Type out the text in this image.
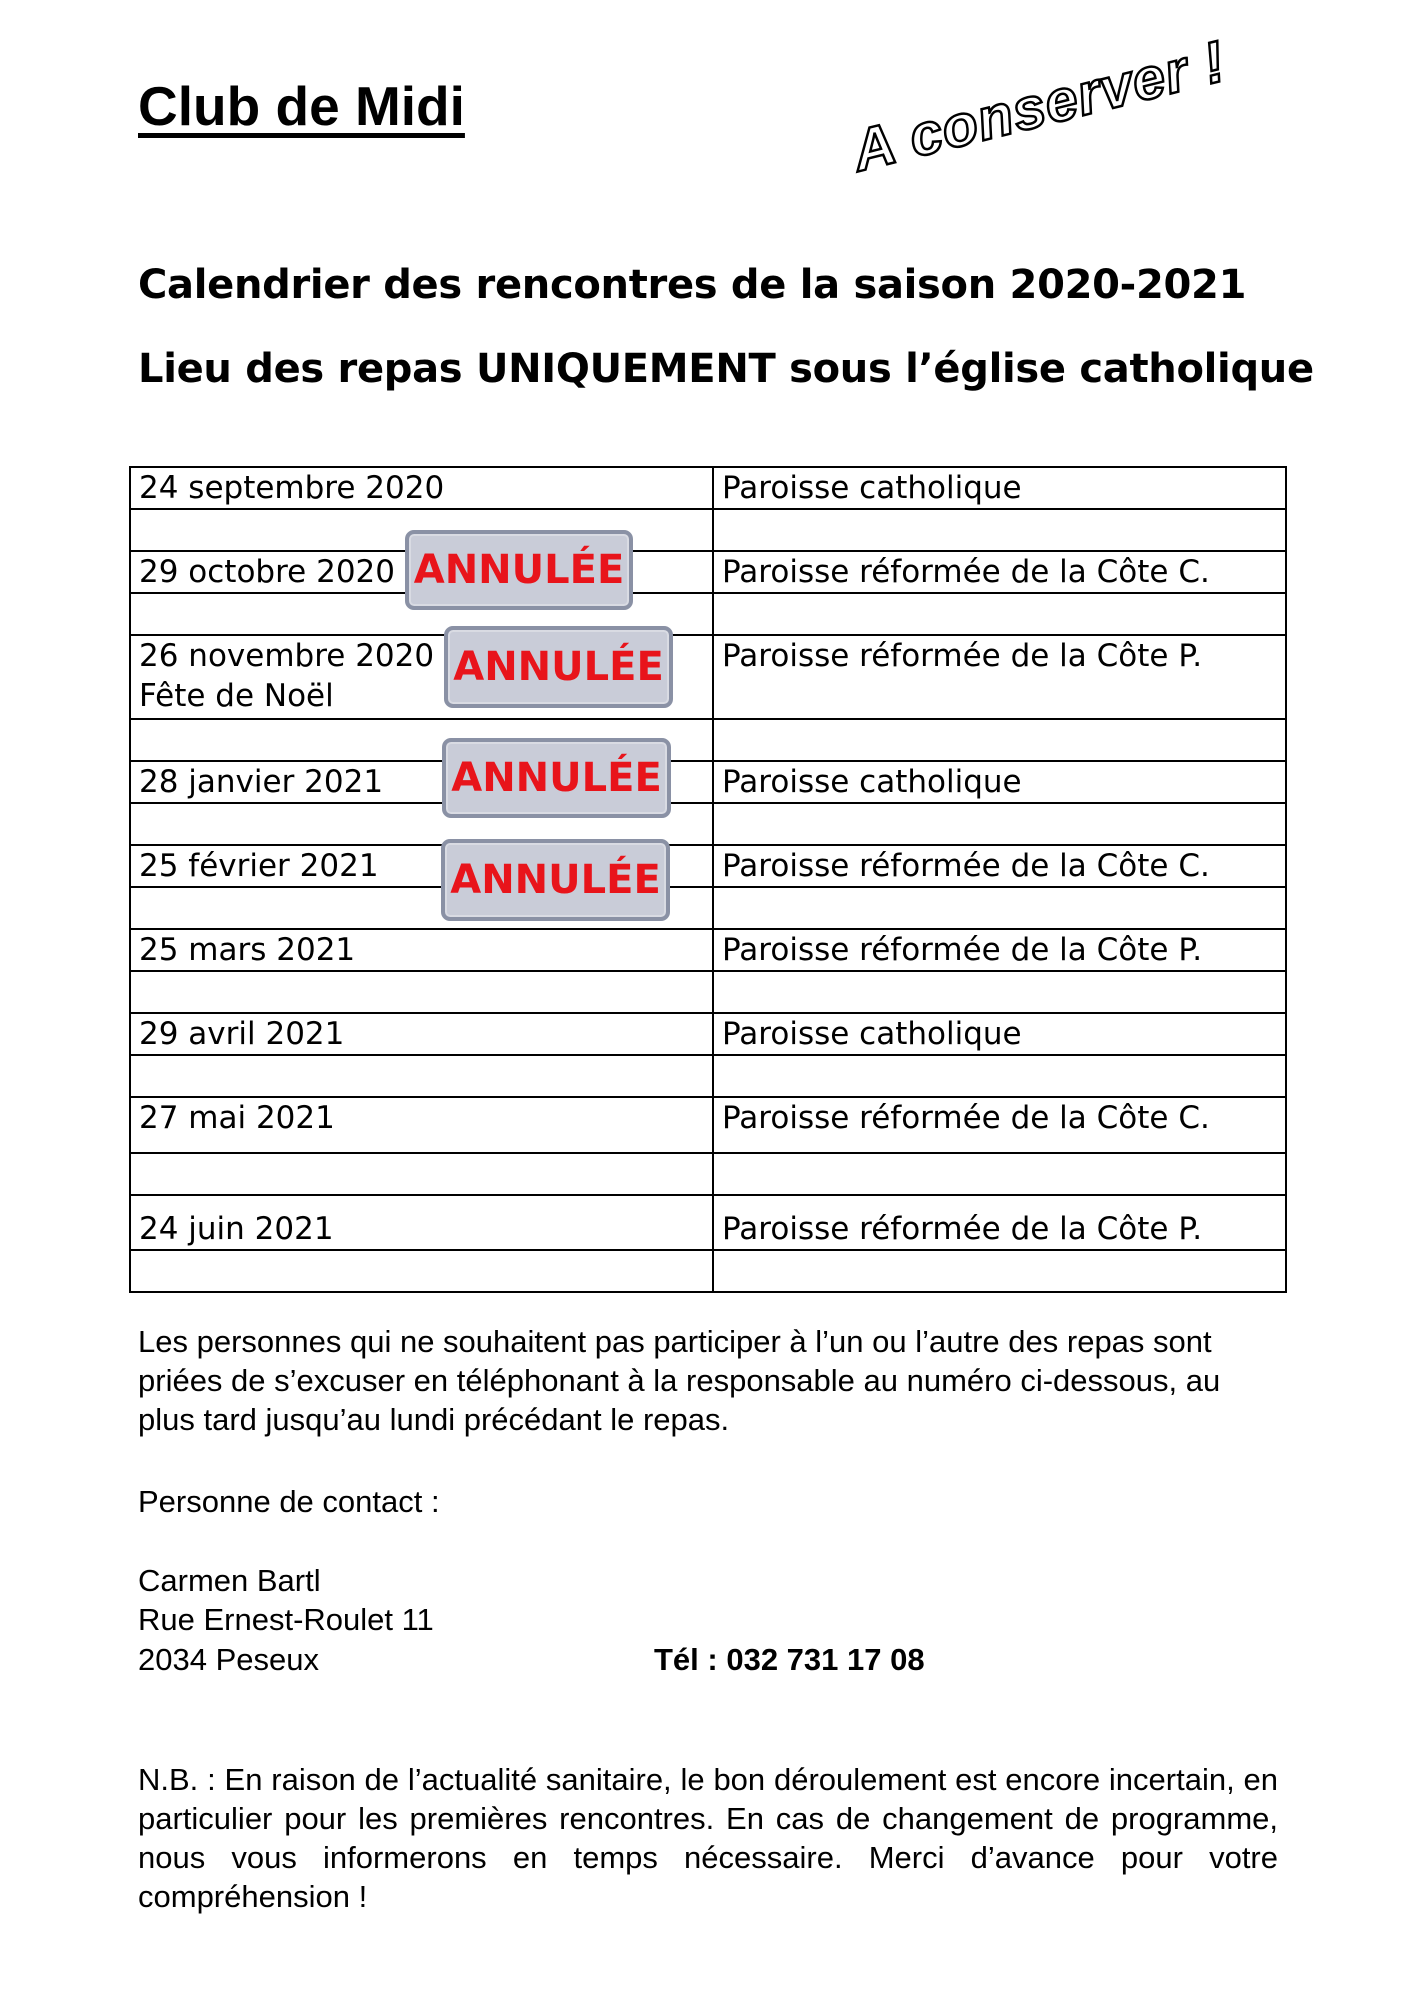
Club de Midi	A conserver !
Calendrier des rencontres de la saison 2020-2021
Lieu des repas UNIQUEMENT sous l’église catholique
24 septembre 2020	Paroisse catholique

29 octobre 2020	Paroisse réformée de la Côte C.

26 novembre 2020
Fête de Noël	Paroisse réformée de la Côte P.

28 janvier 2021	Paroisse catholique

25 février 2021	Paroisse réformée de la Côte C.

25 mars 2021	Paroisse réformée de la Côte P.

29 avril 2021	Paroisse catholique

27 mai 2021	Paroisse réformée de la Côte C.

24 juin 2021	Paroisse réformée de la Côte P.

ANNULÉE
ANNULÉE
ANNULÉE
ANNULÉE
Les personnes qui ne souhaitent pas participer à l’un ou l’autre des repas sont priées de s’excuser en téléphonant à la responsable au numéro ci-dessous, au plus tard jusqu’au lundi précédant le repas.
Personne de contact :
Carmen Bartl
Rue Ernest-Roulet 11
2034 Peseux	Tél : 032 731 17 08
N.B. : En raison de l’actualité sanitaire, le bon déroulement est encore incertain, en particulier pour les premières rencontres. En cas de changement de programme, nous vous informerons en temps nécessaire. Merci d’avance pour votre compréhension !
